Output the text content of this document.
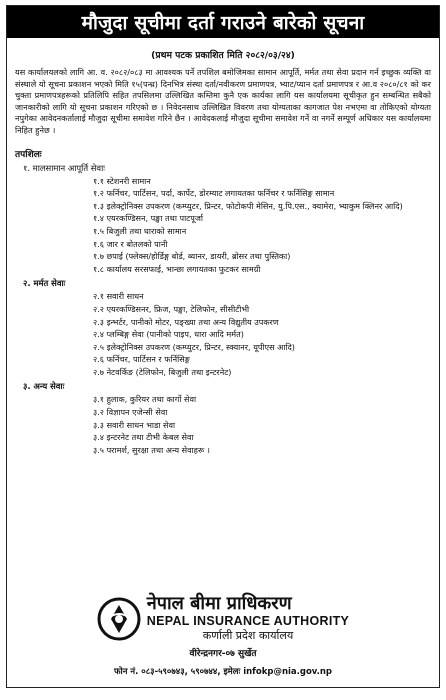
मौजुदा सूचीमा दर्ता गराउने बारेको सूचना
(प्रथम पटक प्रकाशित मिति २०८२/०३/२४)
यस कार्यालयलको लागि आ. व. २०८२/०८३ मा आवश्यक पर्ने तपशिल बमोजिमका सामान आपूर्ति, मर्मत तथा सेवा प्रदान गर्न इच्छुक व्यक्ति वा संस्थाले यो सूचना प्रकाशन भएको मिति १५(पन्ध्र) दिनभित्र संस्था दर्ता/नवीकरण प्रमाणपत्र, भ्याट/प्यान दर्ता प्रमाणपत्र र आ.व २०८०/८१ को कर चुक्ता प्रमाणपत्रहरूको प्रतिलिपि सहित तपसिलमा उल्लिखित कम्तिमा कुनै एक कार्यका लागि यस कार्यालयमा सूचीकृत हुन सम्बन्धित सबैको जानकारीको लागि यो सूचना प्रकाशन गरिएको छ । निवेदनसाथ उल्लिखित विवरण तथा योग्यताका कागजात पेश नभएमा वा तोकिएको योग्यता नपुगेका आवेदनकर्तालाई मौजुदा सूचीमा समावेश गरिने छैन । आवेदकलाई मौजुदा सूचीमा समावेश गर्ने वा नगर्ने सम्पूर्ण अधिकार यस कार्यालयमा निहित हुनेछ ।
तपशिलः
१. मालसामान आपूर्ति सेवाः
१.१ स्टेशनरी सामान
१.२ फर्निचर, पार्टिसन, पर्दा, कार्पेट, डोरम्याट लगायतका फर्निचर र फर्निसिङ्ग सामान
१.३ इलेक्ट्रोनिक्स उपकरण (कम्प्युटर, प्रिन्टर, फोटोकपी मेसिन, यु.पि.एस., क्यामेरा, भ्याकुम क्लिनर आदि)
१.४ एयरकण्डिसन, पङ्खा तथा पाटपूर्जा
१.५ बिजुली तथा धाराको सामान
१.६ जार र बोतलको पानी
१.७ छपाई (फ्लेक्स/होर्डिङ्ग बोर्ड, ब्यानर, डायरी, ब्रोसर तथा पुस्तिका)
१.८ कार्यालय सरसफाई, भान्छा लगायतका फुटकर सामग्री
२. मर्मत सेवाः
२.१ सवारी साधन
२.२ एयरकण्डिसनर, फ्रिज, पङ्खा, टेलिफोन, सीसीटीभी
२.३ इन्भर्टर, पानीको मोटर, पङ्ख्या तथा अन्य विद्युतीय उपकरण
२.४ प्लम्बिङ्ग सेवा (पानीको पाइप, धारा आदि मर्मत)
२.५ इलेक्ट्रोनिक्स उपकरण (कम्प्युटर, प्रिन्टर, स्क्यानर, यूपीएस आदि)
२.६ फर्निचर, पार्टिसन र फर्निसिङ्ग
२.७ नेटवर्किङ (टेलिफोन, बिजुली तथा इन्टरनेट)
३. अन्य सेवाः
३.१ हुलाक, कुरियर तथा कार्गो सेवा
३.२ विज्ञापन एजेन्सी सेवा
३.३ सवारी साधन भाडा सेवा
३.४ इन्टरनेट तथा टीभी केबल सेवा
३.५ परामर्श, सुरक्षा तथा अन्य सेवाहरू ।
नेपाल बीमा प्राधिकरण
NEPAL INSURANCE AUTHORITY
कर्णाली प्रदेश कार्यालय
वीरेन्द्रनगर-०७ सुर्खेत
फोन नं. ०८३-५९०७४३, ५९०७४४, इमेलः infokp@nia.gov.np
